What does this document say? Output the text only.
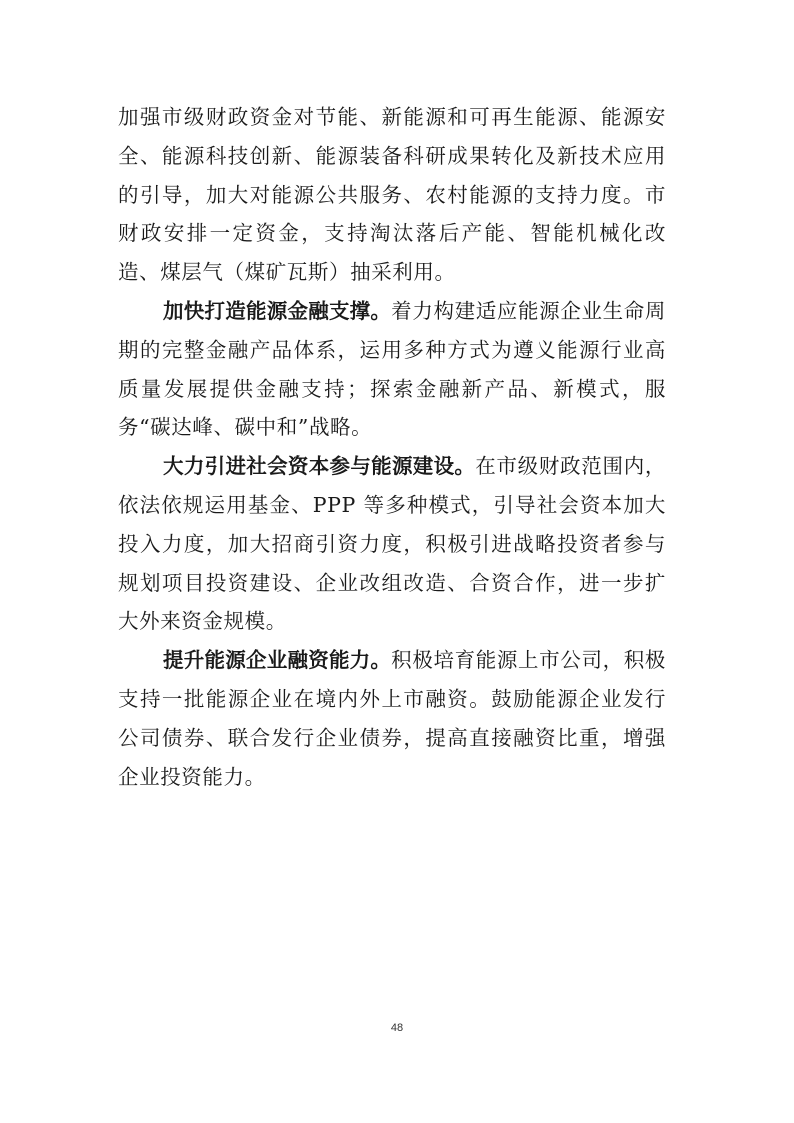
加强市级财政资金对节能、新能源和可再生能源、能源安全、能源科技创新、能源装备科研成果转化及新技术应用的引导，加大对能源公共服务、农村能源的支持力度。市财政安排一定资金，支持淘汰落后产能、智能机械化改造、煤层气（煤矿瓦斯）抽采利用。

加快打造能源金融支撑。着力构建适应能源企业生命周期的完整金融产品体系，运用多种方式为遵义能源行业高质量发展提供金融支持；探索金融新产品、新模式，服务“碳达峰、碳中和”战略。

大力引进社会资本参与能源建设。在市级财政范围内，依法依规运用基金、PPP 等多种模式，引导社会资本加大投入力度，加大招商引资力度，积极引进战略投资者参与规划项目投资建设、企业改组改造、合资合作，进一步扩大外来资金规模。

提升能源企业融资能力。积极培育能源上市公司，积极支持一批能源企业在境内外上市融资。鼓励能源企业发行公司债券、联合发行企业债券，提高直接融资比重，增强企业投资能力。

48
